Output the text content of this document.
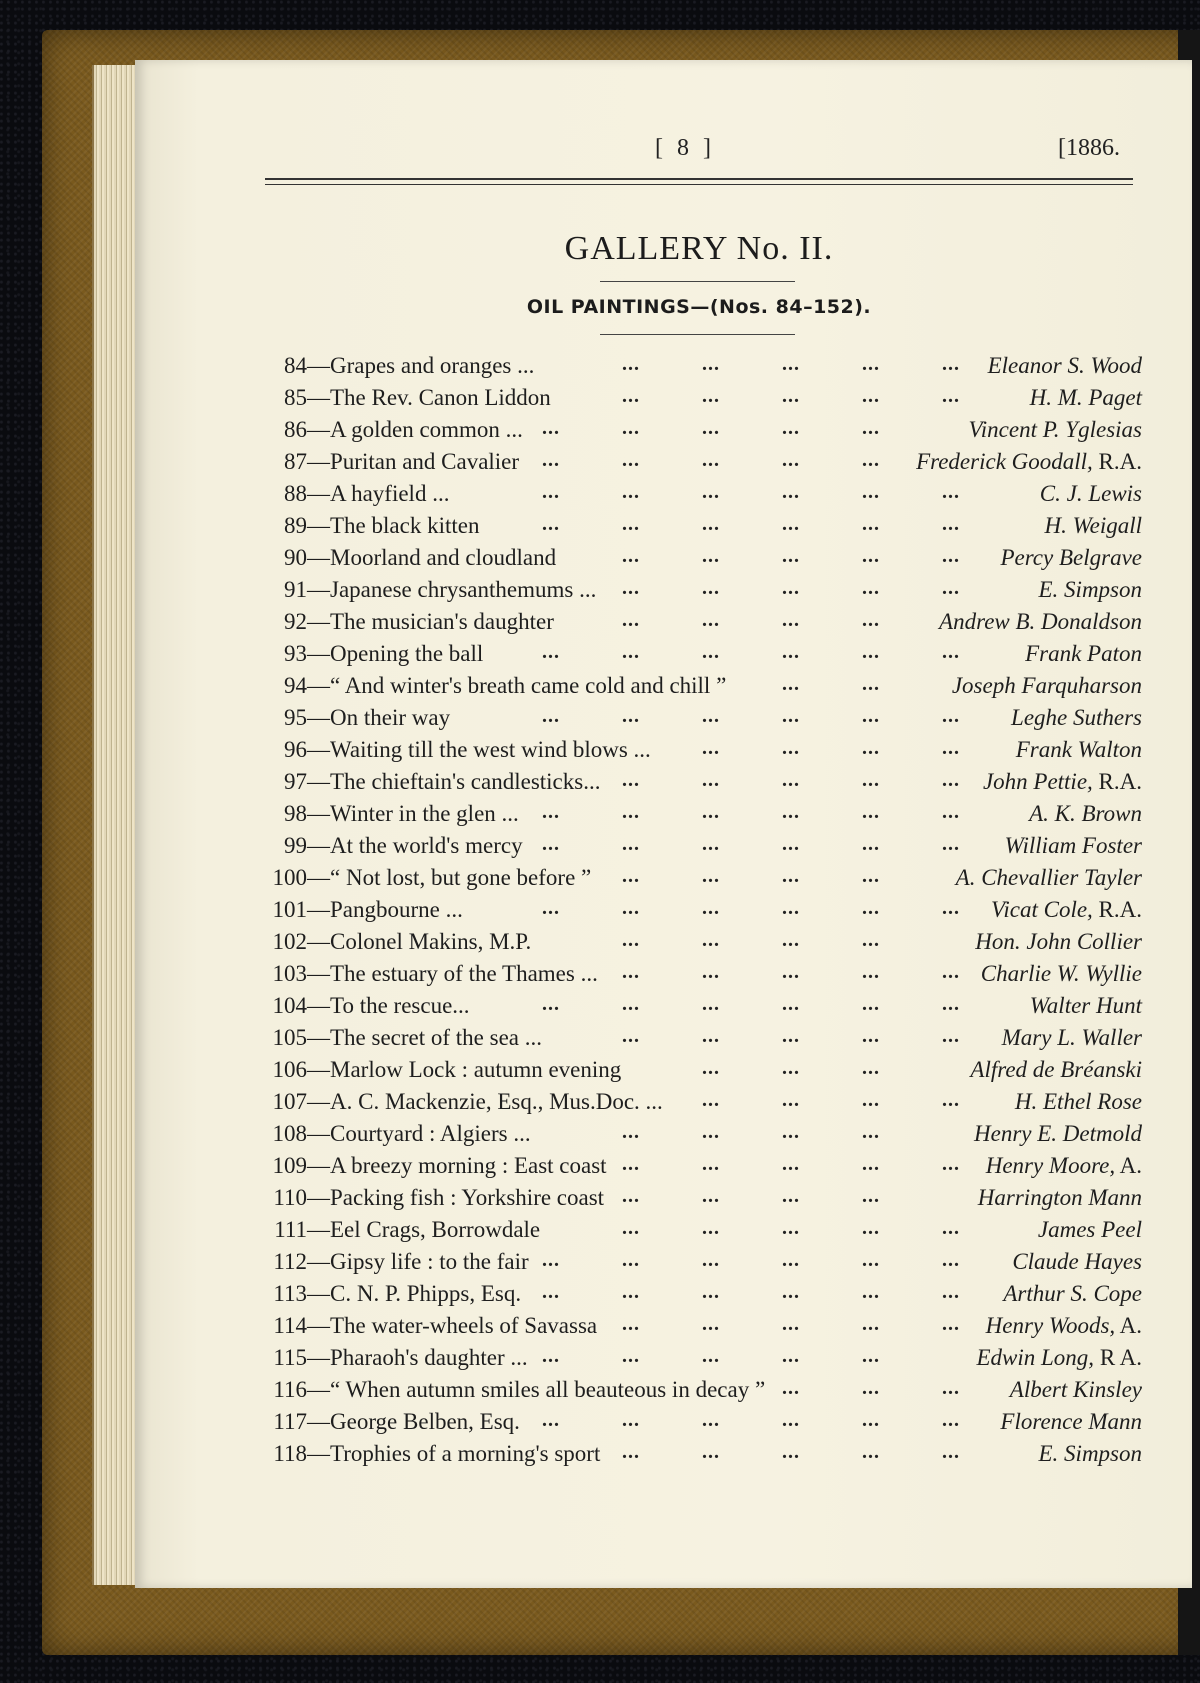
[ 8 ]	[1886.
GALLERY No. II.
OIL PAINTINGS—(Nos. 84–152).
84— Grapes and oranges ...	Eleanor S. Wood
...	...	...	...	...
85— The Rev. Canon Liddon	H. M. Paget
...	...	...	...	...
86— A golden common ...	Vincent P. Yglesias
...	...	...	...	...
87— Puritan and Cavalier	Frederick Goodall, R.A.
...	...	...	...	...
88— A hayfield ...	C. J. Lewis
...	...	...	...	...	...
89— The black kitten	H. Weigall
...	...	...	...	...	...
90— Moorland and cloudland	Percy Belgrave
...	...	...	...	...
91— Japanese chrysanthemums ...	E. Simpson
...	...	...	...	...
92— The musician's daughter	Andrew B. Donaldson
...	...	...	...
93— Opening the ball	Frank Paton
...	...	...	...	...	...
94— “ And winter's breath came cold and chill ”	Joseph Farquharson
...	...
95— On their way	Leghe Suthers
...	...	...	...	...	...
96— Waiting till the west wind blows ...	Frank Walton
...	...	...	...
97— The chieftain's candlesticks...	John Pettie, R.A.
...	...	...	...	...
98— Winter in the glen ...	A. K. Brown
...	...	...	...	...	...
99— At the world's mercy	William Foster
...	...	...	...	...	...
100— “ Not lost, but gone before ”	A. Chevallier Tayler
...	...	...	...
101— Pangbourne ...	Vicat Cole, R.A.
...	...	...	...	...	...
102— Colonel Makins, M.P.	Hon. John Collier
...	...	...	...
103— The estuary of the Thames ...	Charlie W. Wyllie
...	...	...	...	...
104— To the rescue...	Walter Hunt
...	...	...	...	...	...
105— The secret of the sea ...	Mary L. Waller
...	...	...	...	...
106— Marlow Lock : autumn evening	Alfred de Bréanski
...	...	...
107— A. C. Mackenzie, Esq., Mus.Doc. ...	H. Ethel Rose
...	...	...	...
108— Courtyard : Algiers ...	Henry E. Detmold
...	...	...	...
109— A breezy morning : East coast	Henry Moore, A.
...	...	...	...	...
110— Packing fish : Yorkshire coast	Harrington Mann
...	...	...	...
111— Eel Crags, Borrowdale	James Peel
...	...	...	...	...
112— Gipsy life : to the fair	Claude Hayes
...	...	...	...	...	...
113— C. N. P. Phipps, Esq.	Arthur S. Cope
...	...	...	...	...	...
114— The water-wheels of Savassa	Henry Woods, A.
...	...	...	...	...
115— Pharaoh's daughter ...	Edwin Long, R A.
...	...	...	...	...
116— “ When autumn smiles all beauteous in decay ”	Albert Kinsley
...	...	...
117— George Belben, Esq.	Florence Mann
...	...	...	...	...	...
118— Trophies of a morning's sport	E. Simpson
...	...	...	...	...
